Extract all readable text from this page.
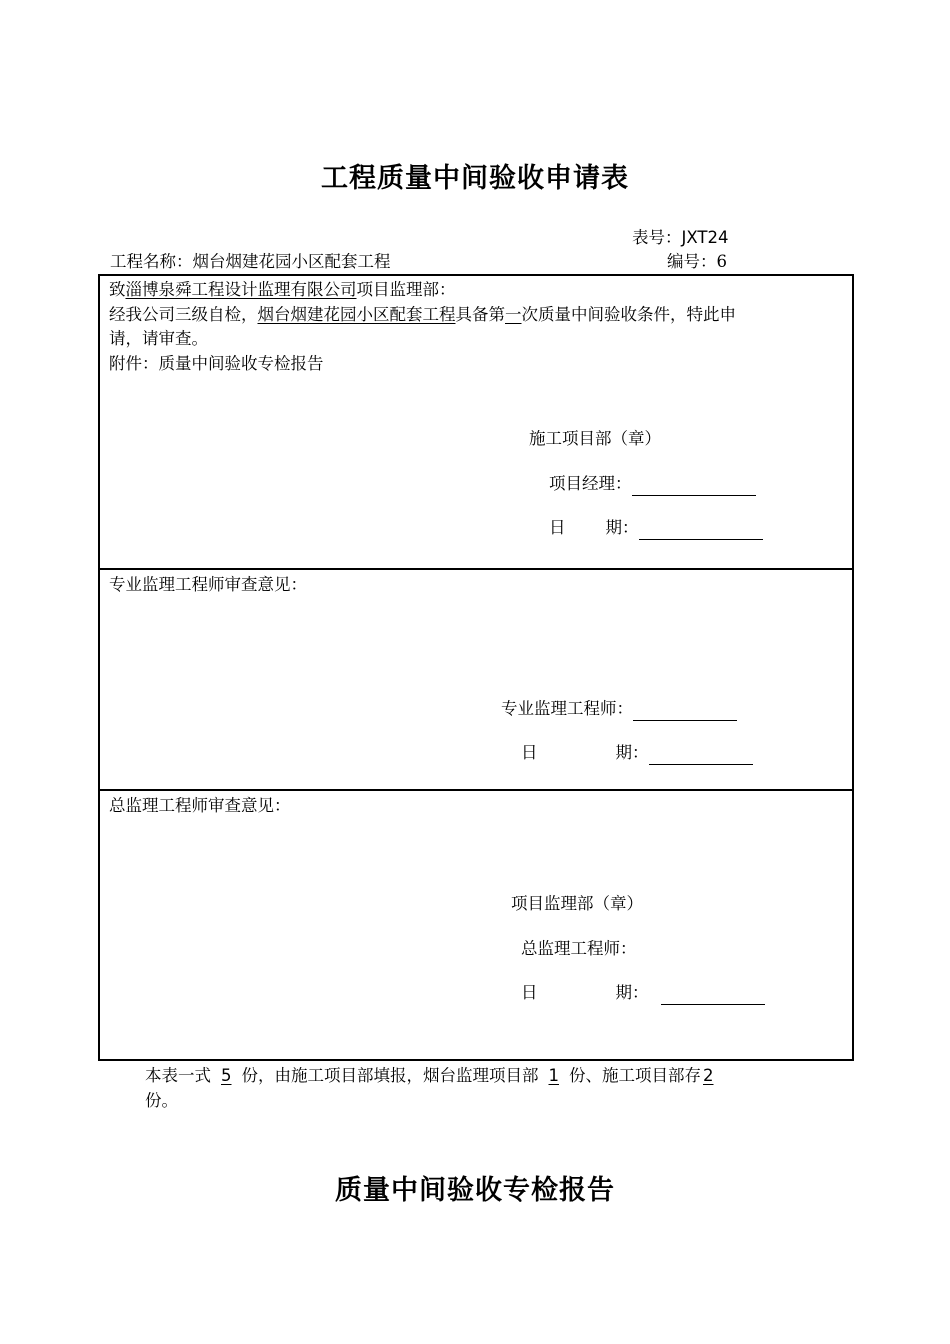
工程质量中间验收申请表
表号：JXT24
工程名称：烟台烟建花园小区配套工程	编号：6
致淄博泉舜工程设计监理有限公司项目监理部：
经我公司三级自检，烟台烟建花园小区配套工程具备第一次质量中间验收条件，特此申
请，请审查。
附件：质量中间验收专检报告
施工项目部（章）
项目经理：
日 期：
专业监理工程师审查意见：
专业监理工程师：
日	期：
总监理工程师审查意见：
项目监理部（章）
总监理工程师：
日	期：
本表一式 5 份，由施工项目部填报，烟台监理项目部 1 份、施工项目部存 2
份。
质量中间验收专检报告
